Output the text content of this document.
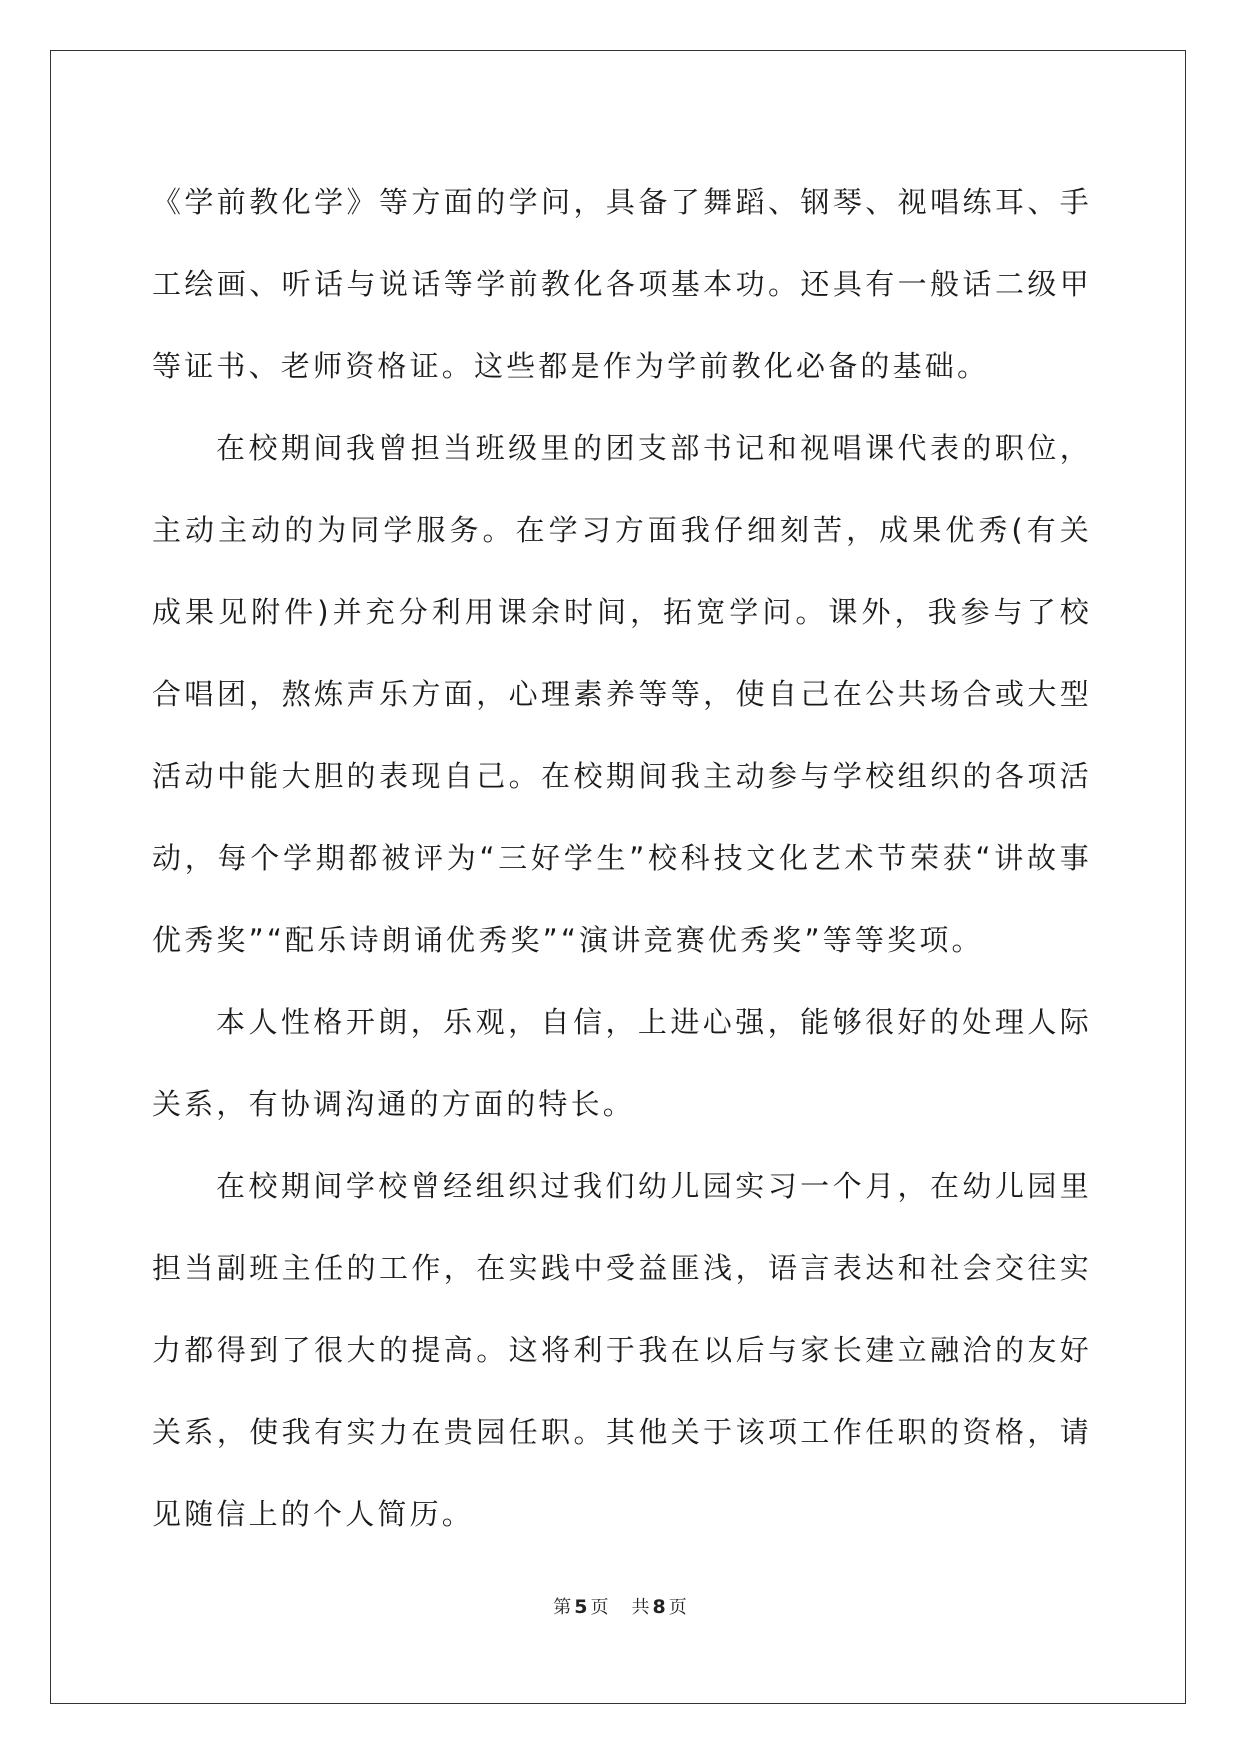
《学前教化学》等方面的学问，具备了舞蹈、钢琴、视唱练耳、手工绘画、听话与说话等学前教化各项基本功。还具有一般话二级甲等证书、老师资格证。这些都是作为学前教化必备的基础。

在校期间我曾担当班级里的团支部书记和视唱课代表的职位，主动主动的为同学服务。在学习方面我仔细刻苦，成果优秀(有关成果见附件)并充分利用课余时间，拓宽学问。课外，我参与了校合唱团，熬炼声乐方面，心理素养等等，使自己在公共场合或大型活动中能大胆的表现自己。在校期间我主动参与学校组织的各项活动，每个学期都被评为“三好学生”校科技文化艺术节荣获“讲故事优秀奖”“配乐诗朗诵优秀奖”“演讲竞赛优秀奖”等等奖项。

本人性格开朗，乐观，自信，上进心强，能够很好的处理人际关系，有协调沟通的方面的特长。

在校期间学校曾经组织过我们幼儿园实习一个月，在幼儿园里担当副班主任的工作，在实践中受益匪浅，语言表达和社会交往实力都得到了很大的提高。这将利于我在以后与家长建立融洽的友好关系，使我有实力在贵园任职。其他关于该项工作任职的资格，请见随信上的个人简历。

第 5 页 共 8 页
